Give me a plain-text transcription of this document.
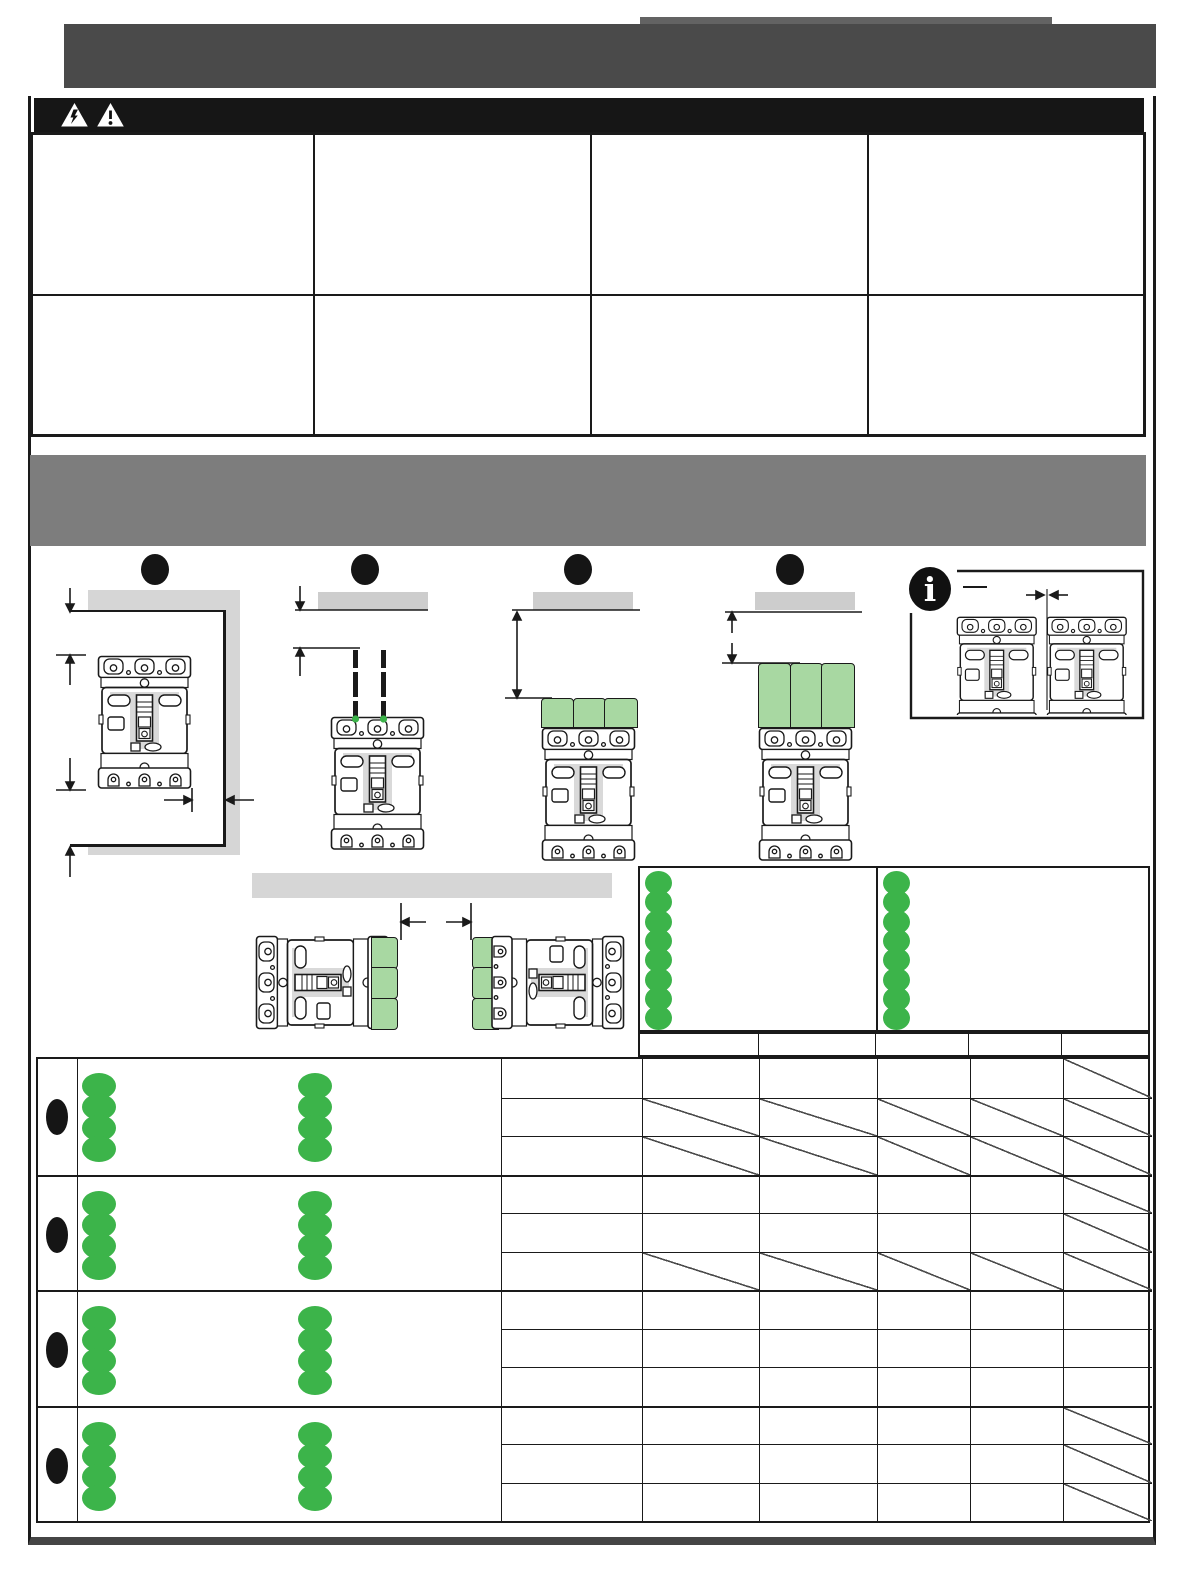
i
